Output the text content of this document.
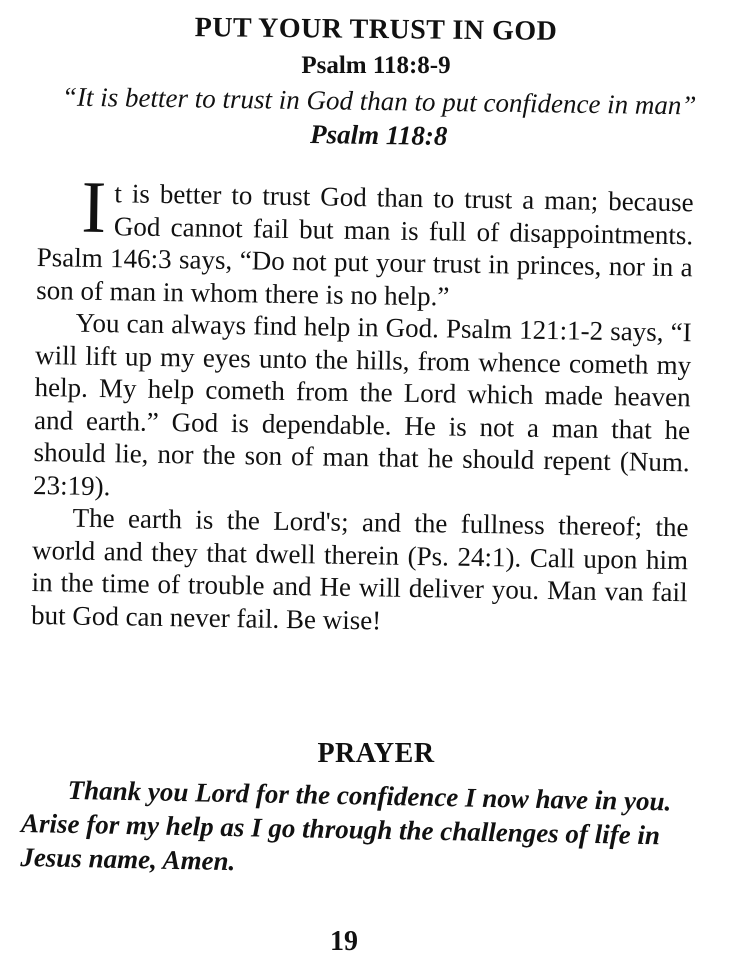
PUT YOUR TRUST IN GOD
Psalm 118:8-9
“It is better to trust in God than to put confidence in man” Psalm 118:8

It is better to trust God than to trust a man; because God cannot fail but man is full of disappointments. Psalm 146:3 says, “Do not put your trust in princes, nor in a son of man in whom there is no help.”

You can always find help in God. Psalm 121:1-2 says, “I will lift up my eyes unto the hills, from whence cometh my help. My help cometh from the Lord which made heaven and earth.” God is dependable. He is not a man that he should lie, nor the son of man that he should repent (Num. 23:19).

The earth is the Lord's; and the fullness thereof; the world and they that dwell therein (Ps. 24:1). Call upon him in the time of trouble and He will deliver you. Man van fail but God can never fail. Be wise!

PRAYER

Thank you Lord for the confidence I now have in you. Arise for my help as I go through the challenges of life in Jesus name, Amen.

19
